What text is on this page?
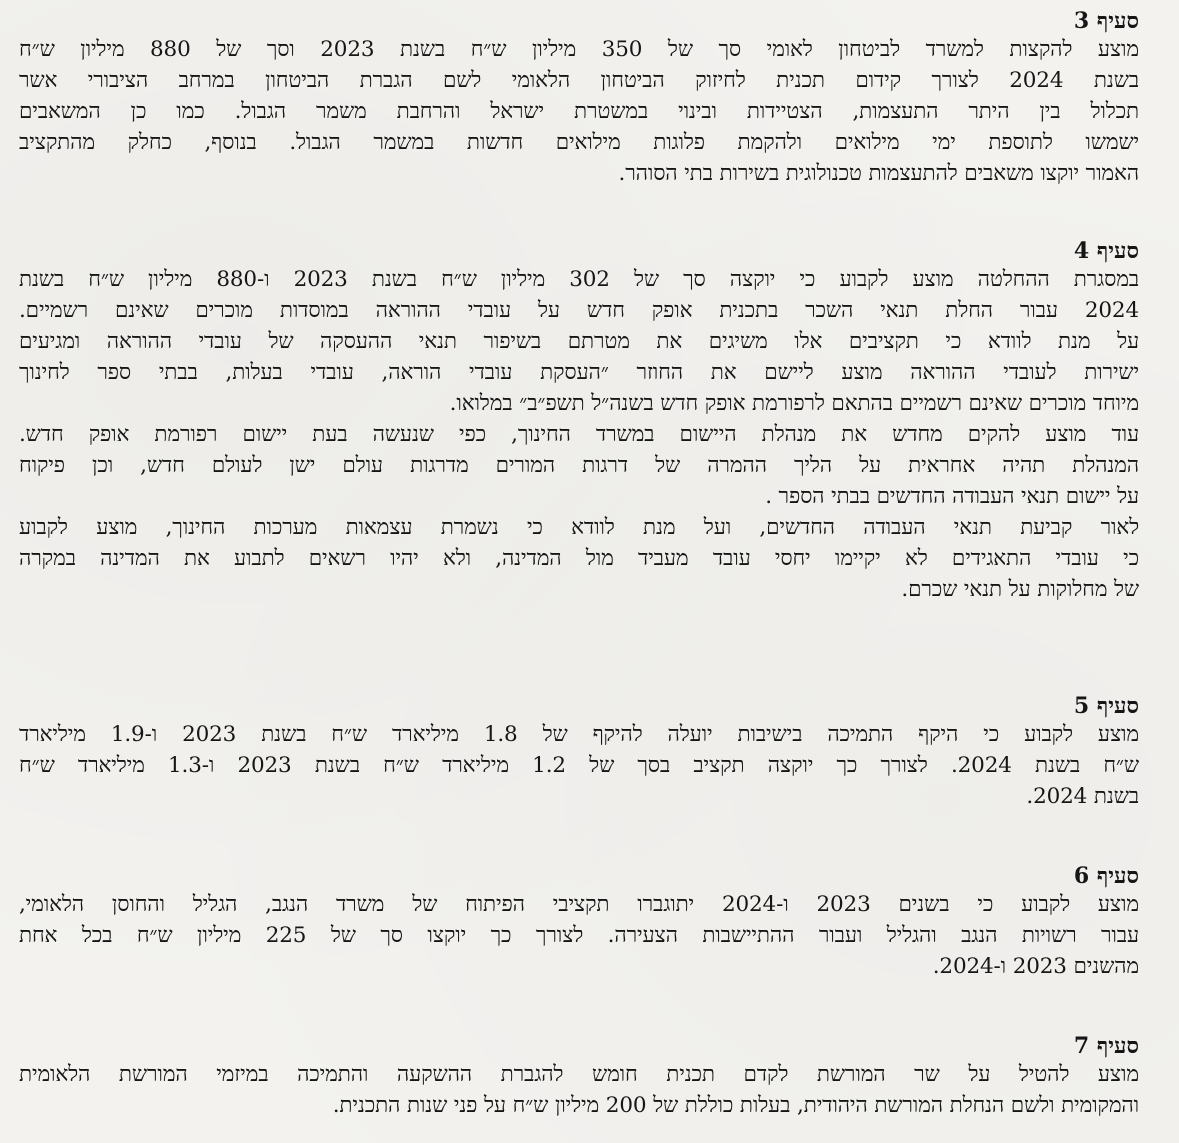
סעיף 3
מוצע להקצות למשרד לביטחון לאומי סך של 350 מיליון ש״ח בשנת 2023 וסך של 880 מיליון ש״ח
בשנת 2024 לצורך קידום תכנית לחיזוק הביטחון הלאומי לשם הגברת הביטחון במרחב הציבורי אשר
תכלול בין היתר התעצמות, הצטיידות ובינוי במשטרת ישראל והרחבת משמר הגבול. כמו כן המשאבים
ישמשו לתוספת ימי מילואים ולהקמת פלוגות מילואים חדשות במשמר הגבול. בנוסף, כחלק מהתקציב
האמור יוקצו משאבים להתעצמות טכנולוגית בשירות בתי הסוהר.
סעיף 4
במסגרת ההחלטה מוצע לקבוע כי יוקצה סך של 302 מיליון ש״ח בשנת 2023 ו-880 מיליון ש״ח בשנת
2024 עבור החלת תנאי השכר בתכנית אופק חדש על עובדי ההוראה במוסדות מוכרים שאינם רשמיים.
על מנת לוודא כי תקציבים אלו משיגים את מטרתם בשיפור תנאי ההעסקה של עובדי ההוראה ומגיעים
ישירות לעובדי ההוראה מוצע ליישם את החוזר ״העסקת עובדי הוראה, עובדי בעלות, בבתי ספר לחינוך
מיוחד מוכרים שאינם רשמיים בהתאם לרפורמת אופק חדש בשנה״ל תשפ״ב״ במלואו.
עוד מוצע להקים מחדש את מנהלת היישום במשרד החינוך, כפי שנעשה בעת יישום רפורמת אופק חדש.
המנהלת תהיה אחראית על הליך ההמרה של דרגות המורים מדרגות עולם ישן לעולם חדש, וכן פיקוח
על יישום תנאי העבודה החדשים בבתי הספר .
לאור קביעת תנאי העבודה החדשים, ועל מנת לוודא כי נשמרת עצמאות מערכות החינוך, מוצע לקבוע
כי עובדי התאגידים לא יקיימו יחסי עובד מעביד מול המדינה, ולא יהיו רשאים לתבוע את המדינה במקרה
של מחלוקות על תנאי שכרם.
סעיף 5
מוצע לקבוע כי היקף התמיכה בישיבות יועלה להיקף של 1.8 מיליארד ש״ח בשנת 2023 ו-1.9 מיליארד
ש״ח בשנת 2024. לצורך כך יוקצה תקציב בסך של 1.2 מיליארד ש״ח בשנת 2023 ו-1.3 מיליארד ש״ח
בשנת 2024.
סעיף 6
מוצע לקבוע כי בשנים 2023 ו-2024 יתוגברו תקציבי הפיתוח של משרד הנגב, הגליל והחוסן הלאומי,
עבור רשויות הנגב והגליל ועבור ההתיישבות הצעירה. לצורך כך יוקצו סך של 225 מיליון ש״ח בכל אחת
מהשנים 2023 ו-2024.
סעיף 7
מוצע להטיל על שר המורשת לקדם תכנית חומש להגברת ההשקעה והתמיכה במיזמי המורשת הלאומית
והמקומית ולשם הנחלת המורשת היהודית, בעלות כוללת של 200 מיליון ש״ח על פני שנות התכנית.
